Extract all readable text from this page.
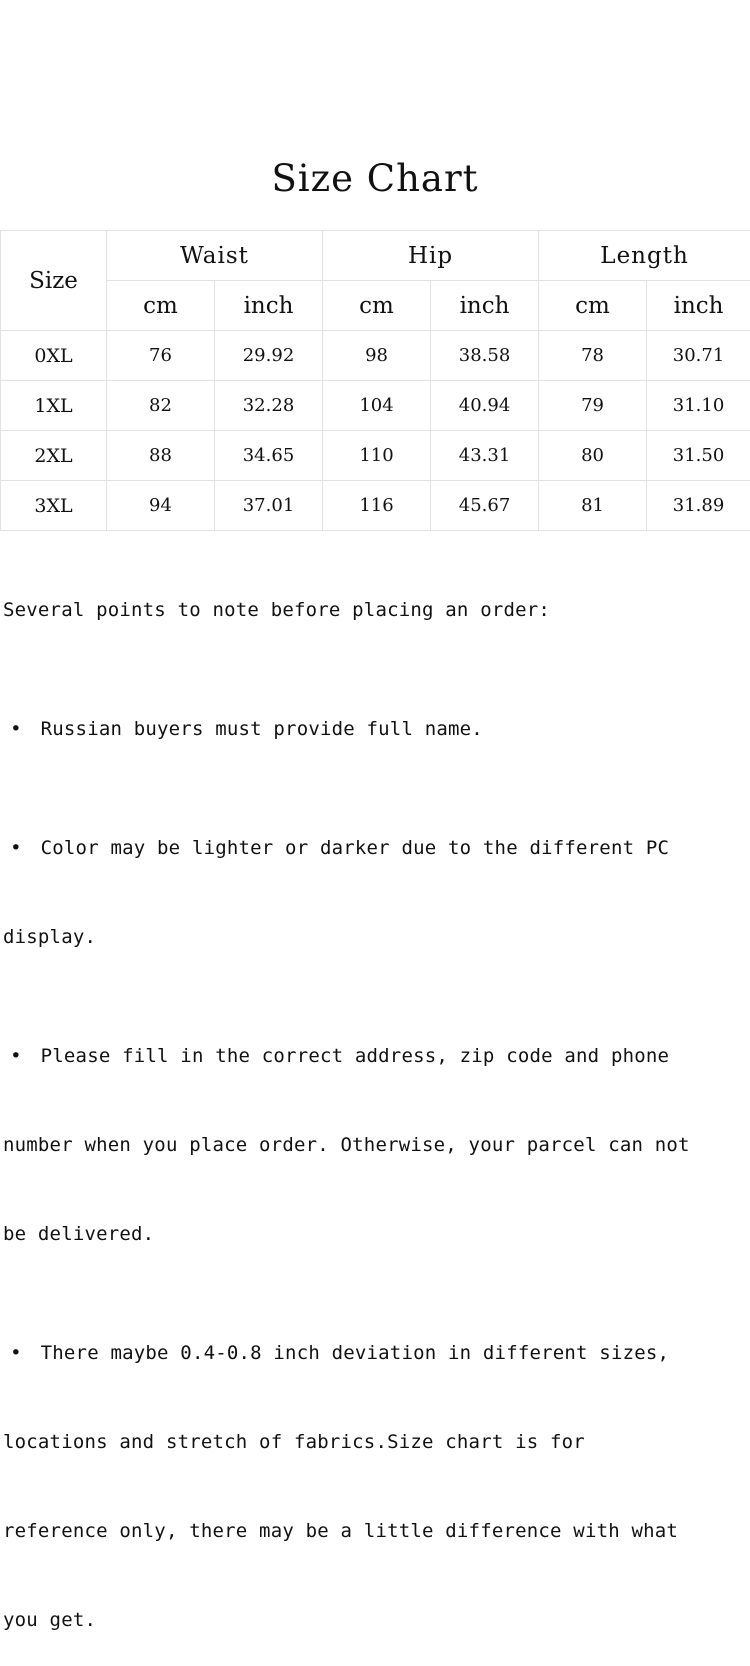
Size Chart
Size	Waist		Hip		Length	
	cm	inch	cm	inch	cm	inch
0XL	76	29.92	98	38.58	78	30.71
1XL	82	32.28	104	40.94	79	31.10
2XL	88	34.65	110	43.31	80	31.50
3XL	94	37.01	116	45.67	81	31.89

Several points to note before placing an order:

• Russian buyers must provide full name.

• Color may be lighter or darker due to the different PC

display.

• Please fill in the correct address, zip code and phone

number when you place order. Otherwise, your parcel can not

be delivered.

• There maybe 0.4-0.8 inch deviation in different sizes,

locations and stretch of fabrics.Size chart is for

reference only, there may be a little difference with what

you get.
